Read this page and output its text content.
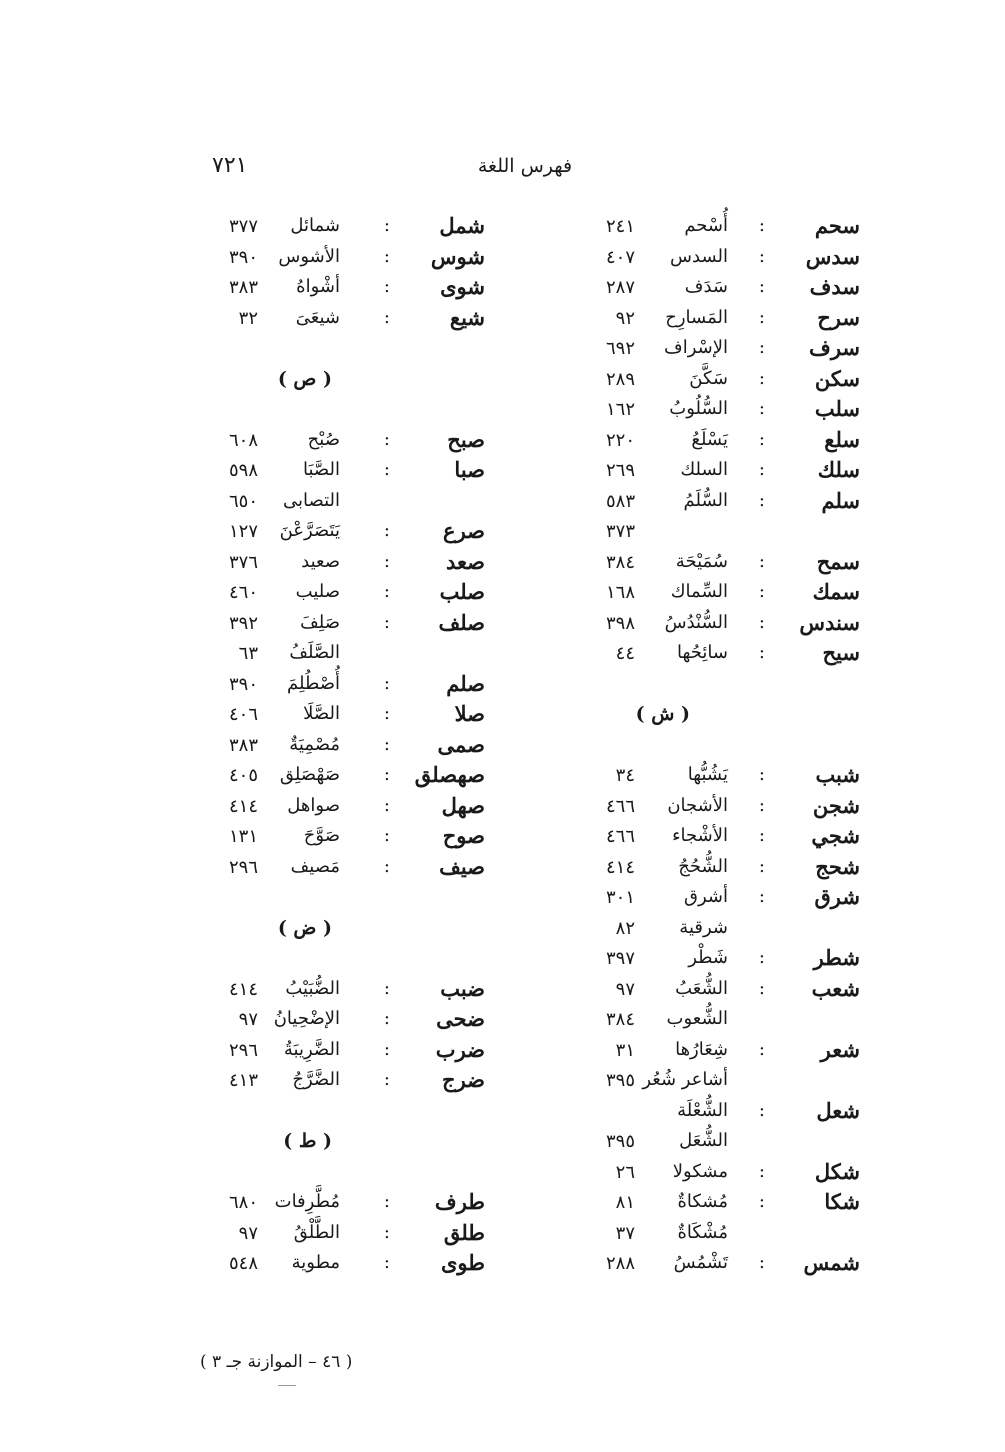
فهرس اللغة
٧٢١
سحم
:
أُسْحم
٢٤١
سدس
:
السدس
٤٠٧
سدف
:
سَدَف
٢٨٧
سرح
:
المَسارِح
٩٢
سرف
:
الإسْراف
٦٩٢
سكن
:
سَكَّنَ
٢٨٩
سلب
:
السُّلُوبُ
١٦٢
سلع
:
يَسْلَعُ
٢٢٠
سلك
:
السلك
٢٦٩
سلم
:
السُّلَمُ
٥٨٣
٣٧٣
سمح
:
سُمَيْحَة
٣٨٤
سمك
:
السِّماك
١٦٨
سندس
:
السُّنْدُسُ
٣٩٨
سيح
:
سائِحُها
٤٤
( ش )
شبب
:
يَشُبُّها
٣٤
شجن
:
الأشجان
٤٦٦
شجي
:
الأشْجاء
٤٦٦
شحج
:
الشُّحُجُ
٤١٤
شرق
:
أشرق
٣٠١
شرقية
٨٢
شطر
:
شَطْر
٣٩٧
شعب
:
الشُّعَبُ
٩٧
الشُّعوب
٣٨٤
شعر
:
شِعَارُها
٣١
أشاعر شُعُر
٣٩٥
شعل
:
الشُّعْلَة
الشُّعَل
٣٩٥
شكل
:
مشكولا
٢٦
شكا
:
مُشكاةٌ
٨١
مُشْكَاةٌ
٣٧
شمس
:
تَشْمُسُ
٢٨٨
شمل
:
شمائل
٣٧٧
شوس
:
الأشوس
٣٩٠
شوى
:
أشْواهُ
٣٨٣
شيع
:
شيعَىَ
٣٢
( ص )
صبح
:
صُبْح
٦٠٨
صبا
:
الصَّبَا
٥٩٨
التصابى
٦٥٠
صرع
:
يَتَصَرَّعْنَ
١٢٧
صعد
:
صعيد
٣٧٦
صلب
:
صليب
٤٦٠
صلف
:
صَلِفَ
٣٩٢
الصَّلَفُ
٦٣
صلم
:
أُصْطُلِمَ
٣٩٠
صلا
:
الصَّلَا
٤٠٦
صمى
:
مُصْمِيَةٌ
٣٨٣
صهصلق
:
صَهْصَلِق
٤٠٥
صهل
:
صواهل
٤١٤
صوح
:
صَوَّحَ
١٣١
صيف
:
مَصيف
٢٩٦
( ض )
ضبب
:
الضُّبَيْبُ
٤١٤
ضحى
:
الإضْحِيانُ
٩٧
ضرب
:
الضَّرِيبَةُ
٢٩٦
ضرج
:
الضَّرَّجُ
٤١٣
( ط )
طرف
:
مُطَّرِفات
٦٨٠
طلق
:
الطَّلْقُ
٩٧
طوى
:
مطوية
٥٤٨
( ٤٦ – الموازنة جـ ٣ )
